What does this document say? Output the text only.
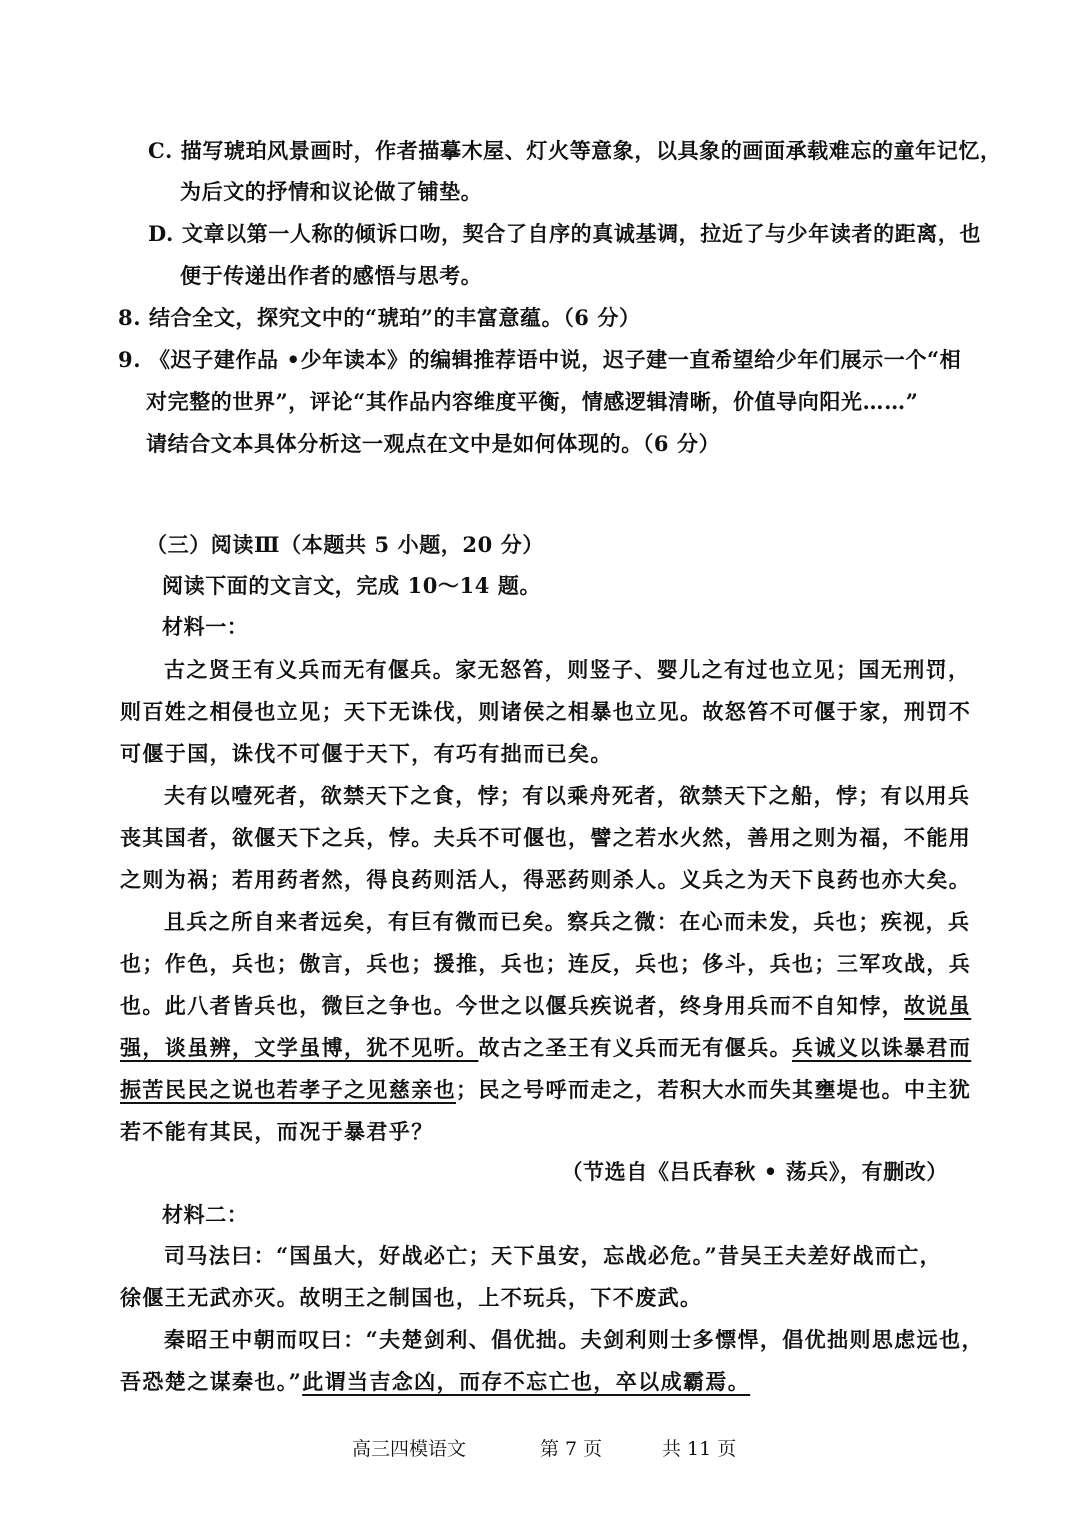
C. 描写琥珀风景画时，作者描摹木屋、灯火等意象，以具象的画面承载难忘的童年记忆，
为后文的抒情和议论做了铺垫。
D. 文章以第一人称的倾诉口吻，契合了自序的真诚基调，拉近了与少年读者的距离，也
便于传递出作者的感悟与思考。
8. 结合全文，探究文中的“琥珀”的丰富意蕴。（6 分）
9. 《迟子建作品 •少年读本》的编辑推荐语中说，迟子建一直希望给少年们展示一个“相
对完整的世界”，评论“其作品内容维度平衡，情感逻辑清晰，价值导向阳光……”
请结合文本具体分析这一观点在文中是如何体现的。（6 分）
（三）阅读Ⅲ（本题共 5 小题，20 分）
阅读下面的文言文，完成 10～14 题。
材料一：
古之贤王有义兵而无有偃兵。家无怒笞，则竖子、婴儿之有过也立见；国无刑罚，
则百姓之相侵也立见；天下无诛伐，则诸侯之相暴也立见。故怒笞不可偃于家，刑罚不
可偃于国，诛伐不可偃于天下，有巧有拙而已矣。
夫有以噎死者，欲禁天下之食，悖；有以乘舟死者，欲禁天下之船，悖；有以用兵
丧其国者，欲偃天下之兵，悖。夫兵不可偃也，譬之若水火然，善用之则为福，不能用
之则为祸；若用药者然，得良药则活人，得恶药则杀人。义兵之为天下良药也亦大矣。
且兵之所自来者远矣，有巨有微而已矣。察兵之微：在心而未发，兵也；疾视，兵
也；作色，兵也；傲言，兵也；援推，兵也；连反，兵也；侈斗，兵也；三军攻战，兵
也。此八者皆兵也，微巨之争也。今世之以偃兵疾说者，终身用兵而不自知悖，故说虽
强，谈虽辨，文学虽博，犹不见听。故古之圣王有义兵而无有偃兵。兵诚义以诛暴君而
振苦民民之说也若孝子之见慈亲也；民之号呼而走之，若积大水而失其壅堤也。中主犹
若不能有其民，而况于暴君乎？
（节选自《吕氏春秋 • 荡兵》，有删改）
材料二：
司马法曰：“国虽大，好战必亡；天下虽安，忘战必危。”昔吴王夫差好战而亡，
徐偃王无武亦灭。故明王之制国也，上不玩兵，下不废武。
秦昭王中朝而叹曰：“夫楚剑利、倡优拙。夫剑利则士多慓悍，倡优拙则思虑远也，
吾恐楚之谋秦也。”此谓当吉念凶，而存不忘亡也，卒以成霸焉。
高三四模语文	第 7 页	共 11 页
